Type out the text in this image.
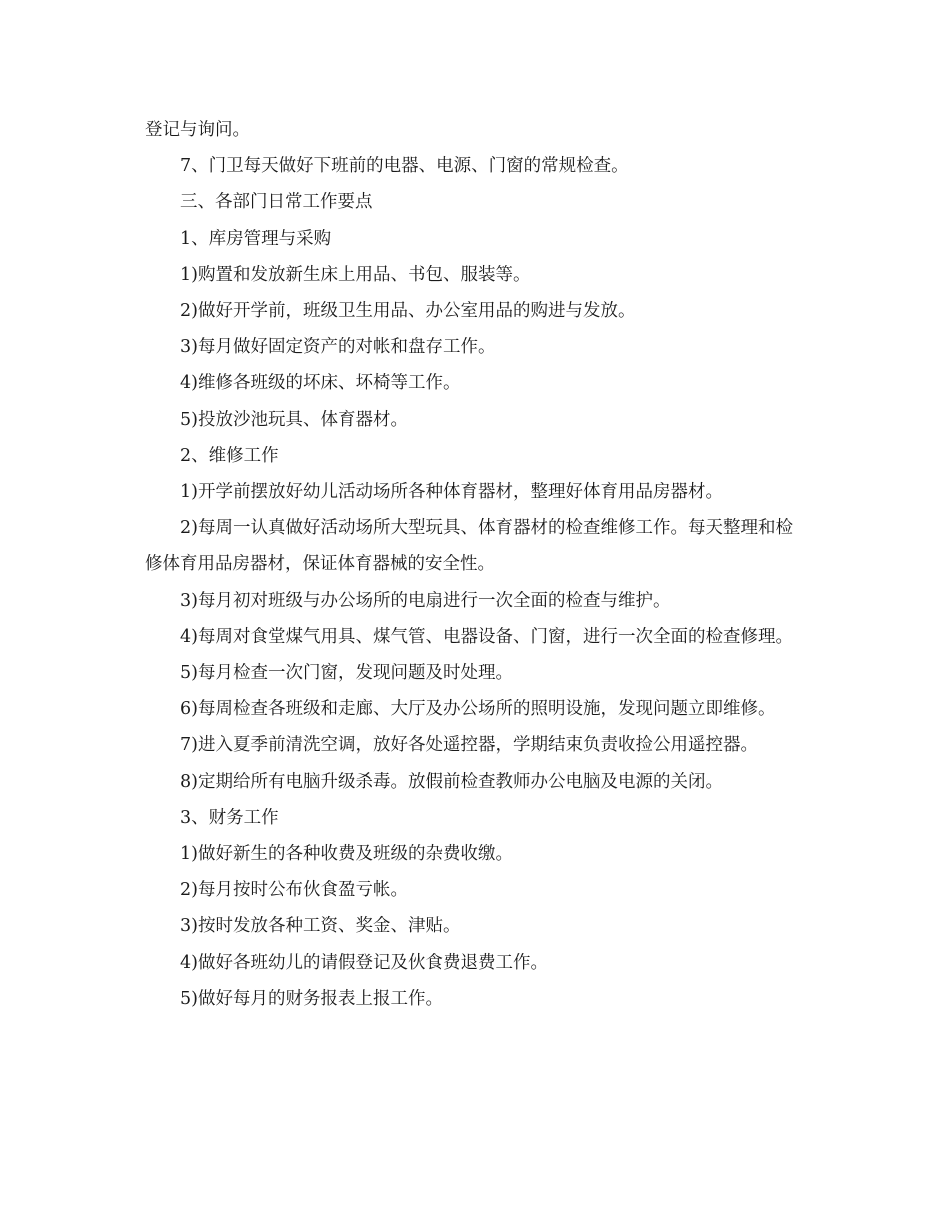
登记与询问。

7、门卫每天做好下班前的电器、电源、门窗的常规检查。

三、各部门日常工作要点

1、库房管理与采购

1)购置和发放新生床上用品、书包、服装等。

2)做好开学前，班级卫生用品、办公室用品的购进与发放。

3)每月做好固定资产的对帐和盘存工作。

4)维修各班级的坏床、坏椅等工作。

5)投放沙池玩具、体育器材。

2、维修工作

1)开学前摆放好幼儿活动场所各种体育器材，整理好体育用品房器材。

2)每周一认真做好活动场所大型玩具、体育器材的检查维修工作。每天整理和检修体育用品房器材，保证体育器械的安全性。

3)每月初对班级与办公场所的电扇进行一次全面的检查与维护。

4)每周对食堂煤气用具、煤气管、电器设备、门窗，进行一次全面的检查修理。

5)每月检查一次门窗，发现问题及时处理。

6)每周检查各班级和走廊、大厅及办公场所的照明设施，发现问题立即维修。

7)进入夏季前清洗空调，放好各处遥控器，学期结束负责收捡公用遥控器。

8)定期给所有电脑升级杀毒。放假前检查教师办公电脑及电源的关闭。

3、财务工作

1)做好新生的各种收费及班级的杂费收缴。

2)每月按时公布伙食盈亏帐。

3)按时发放各种工资、奖金、津贴。

4)做好各班幼儿的请假登记及伙食费退费工作。

5)做好每月的财务报表上报工作。
